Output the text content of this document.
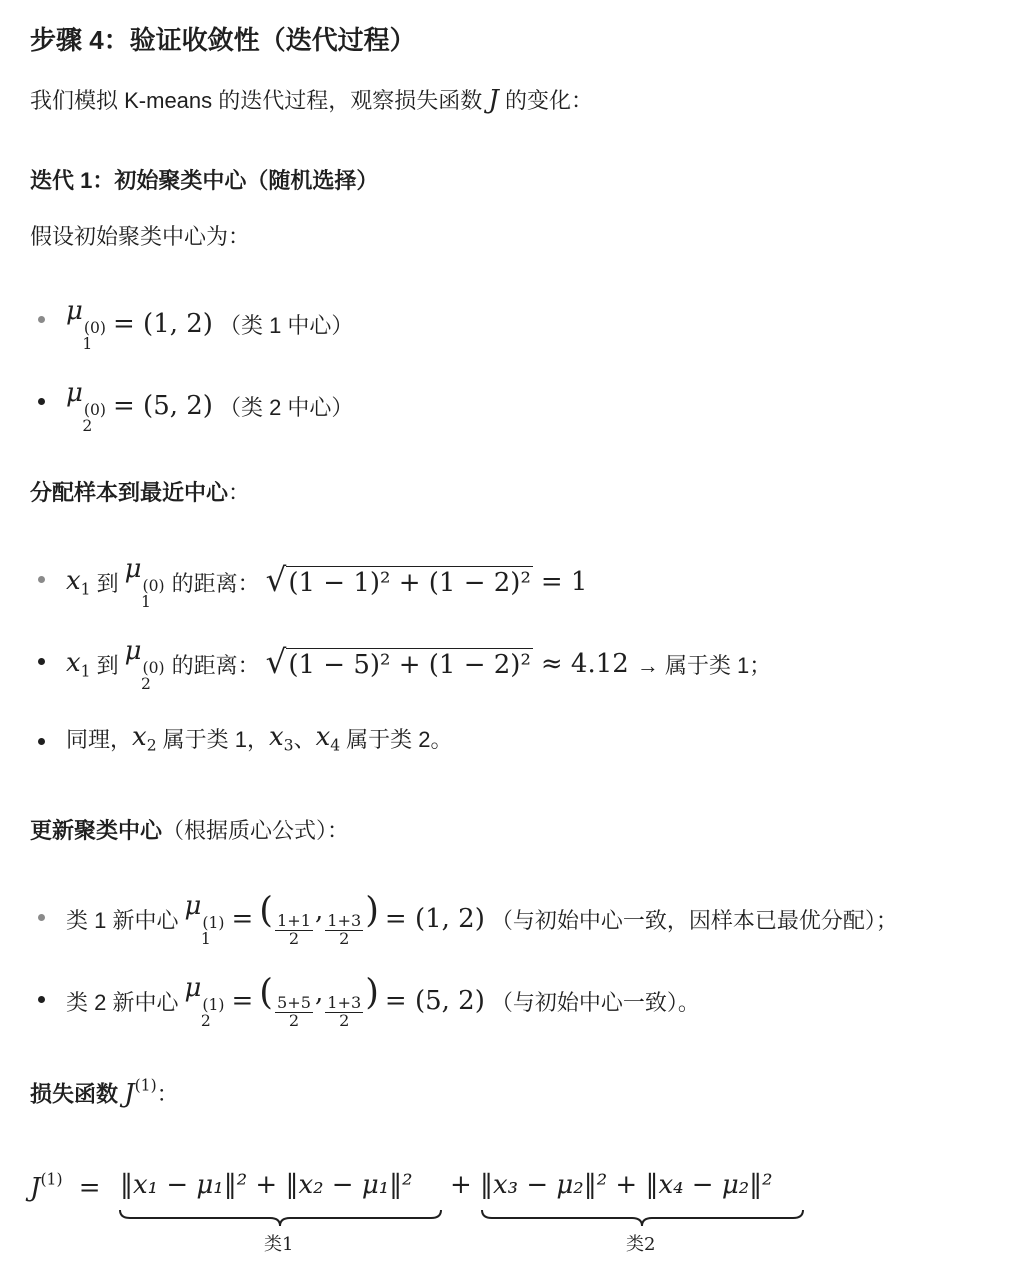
步骤 4：验证收敛性（迭代过程）
我们模拟 K-means 的迭代过程，观察损失函数 J 的变化：
迭代 1：初始聚类中心（随机选择）
假设初始聚类中心为：
μ
(0)
1
= (1, 2) （类 1 中心）
μ
(0)
2
= (5, 2) （类 2 中心）
分配样本到最近中心：
$x_1$ 到 μ
(0)
1
的距离： √ (1 − 1)² + (1 − 2)² = 1
$x_1$ 到 μ
(0)
2
的距离： √ (1 − 5)² + (1 − 2)² ≈ 4.12 → 属于类 1；
同理， $x_2$ 属于类 1， $x_3$ 、 $x_4$ 属于类 2。
更新聚类中心（根据质心公式）：
类 1 新中心 μ
(1)
1
= ( $\frac{1+1}{2}$
,
$\frac{1+3}{2}$ ) = (1, 2) （与初始中心一致，因样本已最优分配）；
类 2 新中心 μ
(1)
2
= ( $\frac{5+5}{2}$
,
$\frac{1+3}{2}$ ) = (5, 2) （与初始中心一致）。
损失函数 $J^{(1)}$：
$J^{(1)}$ = ‖x₁ − μ₁‖² + ‖x₂ − μ₁‖² + ‖x₃ − μ₂‖² + ‖x₄ − μ₂‖²
类1	类2
